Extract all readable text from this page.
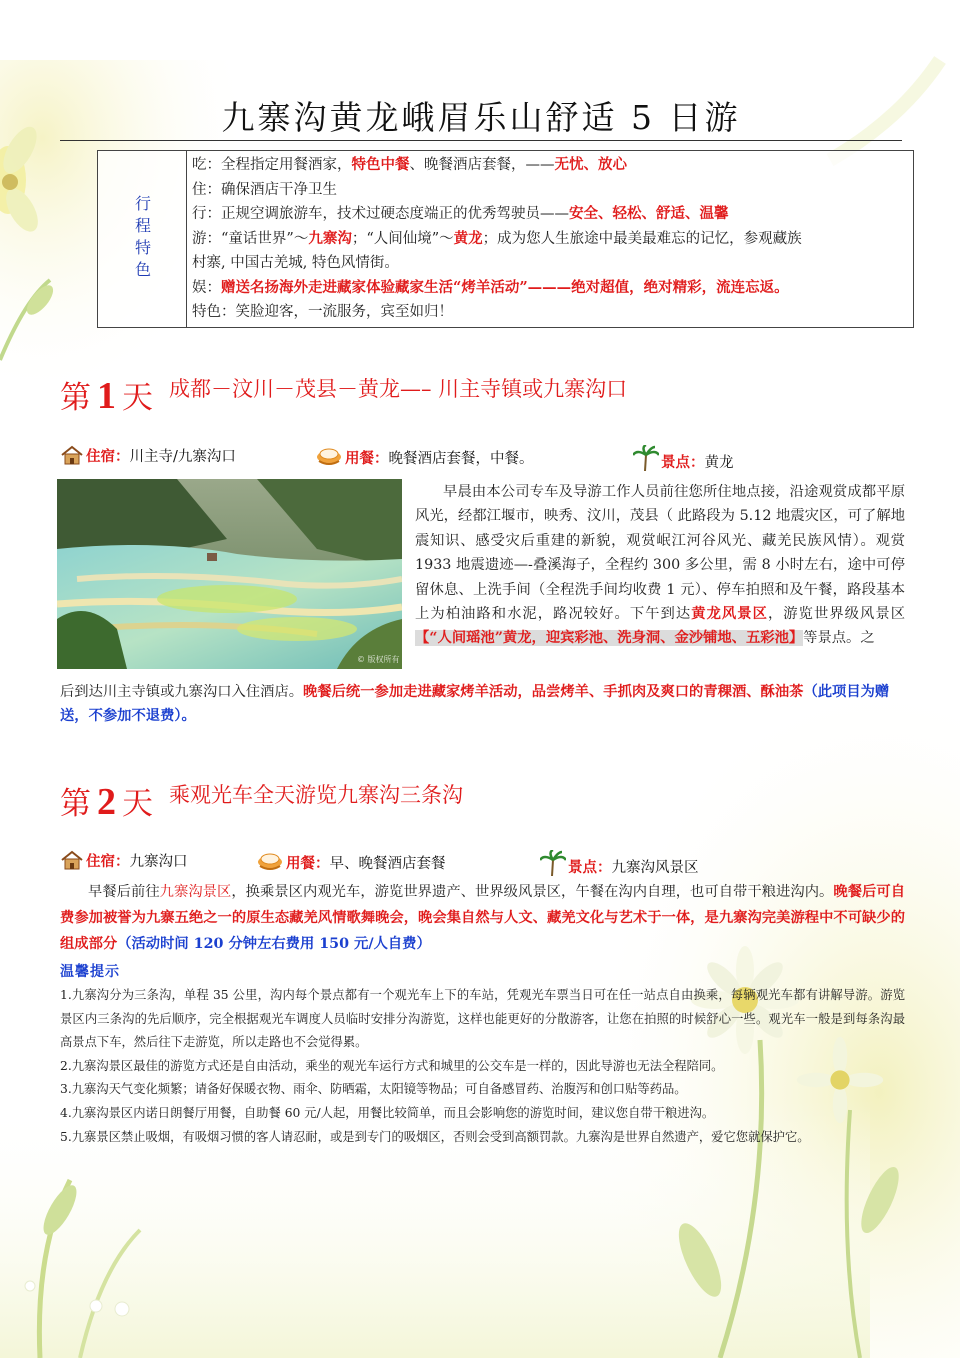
九寨沟黄龙峨眉乐山舒适 5 日游
行程特色
吃：全程指定用餐酒家，特色中餐、晚餐酒店套餐，——无忧、放心
住：确保酒店干净卫生
行：正规空调旅游车，技术过硬态度端正的优秀驾驶员——安全、轻松、舒适、温馨
游：“童话世界”～九寨沟；“人间仙境”～黄龙；成为您人生旅途中最美最难忘的记忆，参观藏族
村寨, 中国古羌城, 特色风情街。
娱：赠送名扬海外走进藏家体验藏家生活“烤羊活动”———绝对超值，绝对精彩，流连忘返。
特色：笑脸迎客，一流服务，宾至如归！
第 1 天 成都－汶川－茂县－黄龙—– 川主寺镇或九寨沟口
住宿：川主寺/九寨沟口	用餐：晚餐酒店套餐，中餐。	景点：黄龙
© 版权所有

早晨由本公司专车及导游工作人员前往您所住地点接，沿途观赏成都平原风光，经都江堰市，映秀、汶川，茂县（ 此路段为 5.12 地震灾区，可了解地震知识、感受灾后重建的新貌，观赏岷江河谷风光、藏羌民族风情）。观赏 1933 地震遗迹—-叠溪海子，全程约 300 多公里，需 8 小时左右，途中可停留休息、上洗手间（全程洗手间均收费 1 元）、停车拍照和及午餐，路段基本上为柏油路和水泥，路况较好。下午到达黄龙风景区，游览世界级风景区【“人间瑶池”黄龙，迎宾彩池、洗身洞、金沙铺地、五彩池】等景点。之

后到达川主寺镇或九寨沟口入住酒店。晚餐后统一参加走进藏家烤羊活动，品尝烤羊、手抓肉及爽口的青稞酒、酥油茶（此项目为赠送，不参加不退费）。
第 2 天 乘观光车全天游览九寨沟三条沟
住宿：九寨沟口	用餐：早、晚餐酒店套餐	景点：九寨沟风景区

早餐后前往九寨沟景区，换乘景区内观光车，游览世界遗产、世界级风景区，午餐在沟内自理，也可自带干粮进沟内。晚餐后可自费参加被誉为九寨五绝之一的原生态藏羌风情歌舞晚会，晚会集自然与人文、藏羌文化与艺术于一体，是九寨沟完美游程中不可缺少的组成部分（活动时间 120 分钟左右费用 150 元/人自费）

温馨提示
1.九寨沟分为三条沟，单程 35 公里，沟内每个景点都有一个观光车上下的车站，凭观光车票当日可在任一站点自由换乘，每辆观光车都有讲解导游。游览景区内三条沟的先后顺序，完全根据观光车调度人员临时安排分沟游览，这样也能更好的分散游客，让您在拍照的时候舒心一些。观光车一般是到每条沟最高景点下车，然后往下走游览，所以走路也不会觉得累。
2.九寨沟景区最佳的游览方式还是自由活动，乘坐的观光车运行方式和城里的公交车是一样的，因此导游也无法全程陪同。
3.九寨沟天气变化频繁；请备好保暖衣物、雨伞、防晒霜，太阳镜等物品；可自备感冒药、治腹泻和创口贴等药品。
4.九寨沟景区内诺日朗餐厅用餐，自助餐 60 元/人起，用餐比较简单，而且会影响您的游览时间，建议您自带干粮进沟。
5.九寨景区禁止吸烟，有吸烟习惯的客人请忍耐，或是到专门的吸烟区，否则会受到高额罚款。九寨沟是世界自然遗产，爱它您就保护它。
